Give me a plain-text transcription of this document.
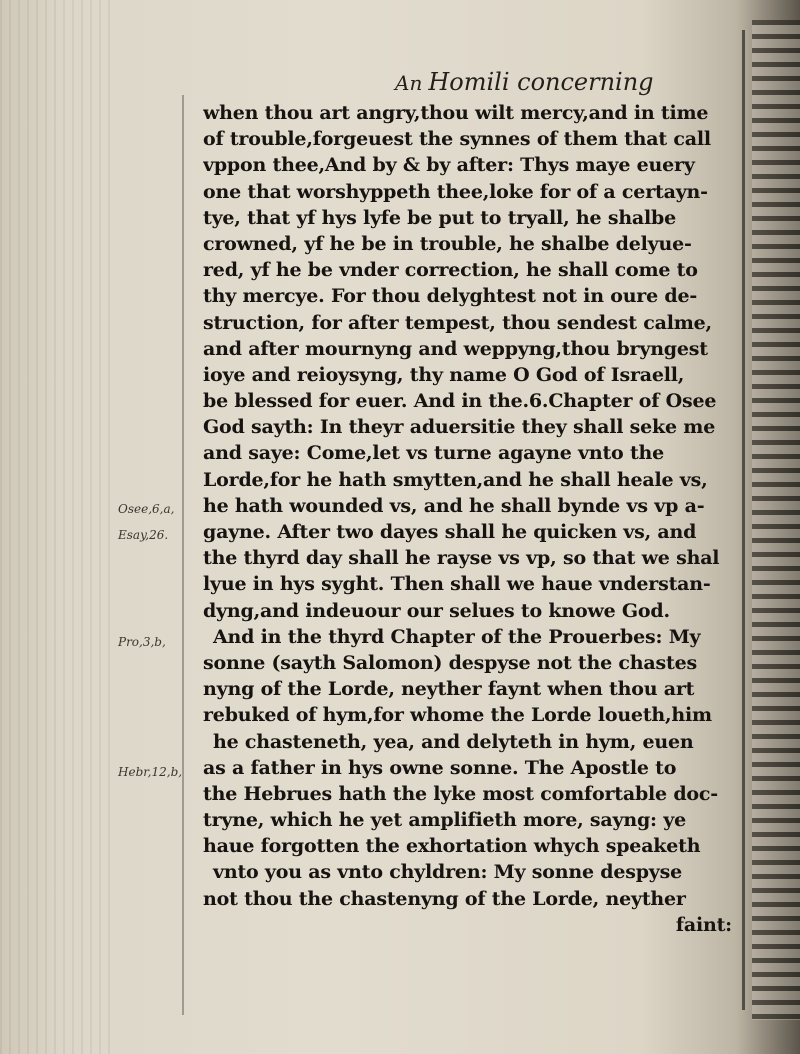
An Homili concerning
Osee,6,a,
Esay,26.
Pro,3,b,
Hebr,12,b,
when thou art angry,thou wilt mercy,and in time
of trouble,forgeuest the synnes of them that call
vppon thee,And by & by after: Thys maye euery
one that worshyppeth thee,loke for of a certayn-
tye, that yf hys lyfe be put to tryall, he shalbe
crowned, yf he be in trouble, he shalbe delyue-
red, yf he be vnder correction, he shall come to
thy mercye. For thou delyghtest not in oure de-
struction, for after tempest, thou sendest calme,
and after mournyng and weppyng,thou bryngest
ioye and reioysyng, thy name O God of Israell,
be blessed for euer. And in the.6.Chapter of Osee
God sayth: In theyr aduersitie they shall seke me
and saye: Come,let vs turne agayne vnto the
Lorde,for he hath smytten,and he shall heale vs,
he hath wounded vs, and he shall bynde vs vp a-
gayne. After two dayes shall he quicken vs, and
the thyrd day shall he rayse vs vp, so that we shal
lyue in hys syght. Then shall we haue vnderstan-
dyng,and indeuour our selues to knowe God.
And in the thyrd Chapter of the Prouerbes: My
sonne (sayth Salomon) despyse not the chastes
nyng of the Lorde, neyther faynt when thou art
rebuked of hym,for whome the Lorde loueth,him
he chasteneth, yea, and delyteth in hym, euen
as a father in hys owne sonne. The Apostle to
the Hebrues hath the lyke most comfortable doc-
tryne, which he yet amplifieth more, sayng: ye
haue forgotten the exhortation whych speaketh
vnto you as vnto chyldren: My sonne despyse
not thou the chastenyng of the Lorde, neyther
faint:
